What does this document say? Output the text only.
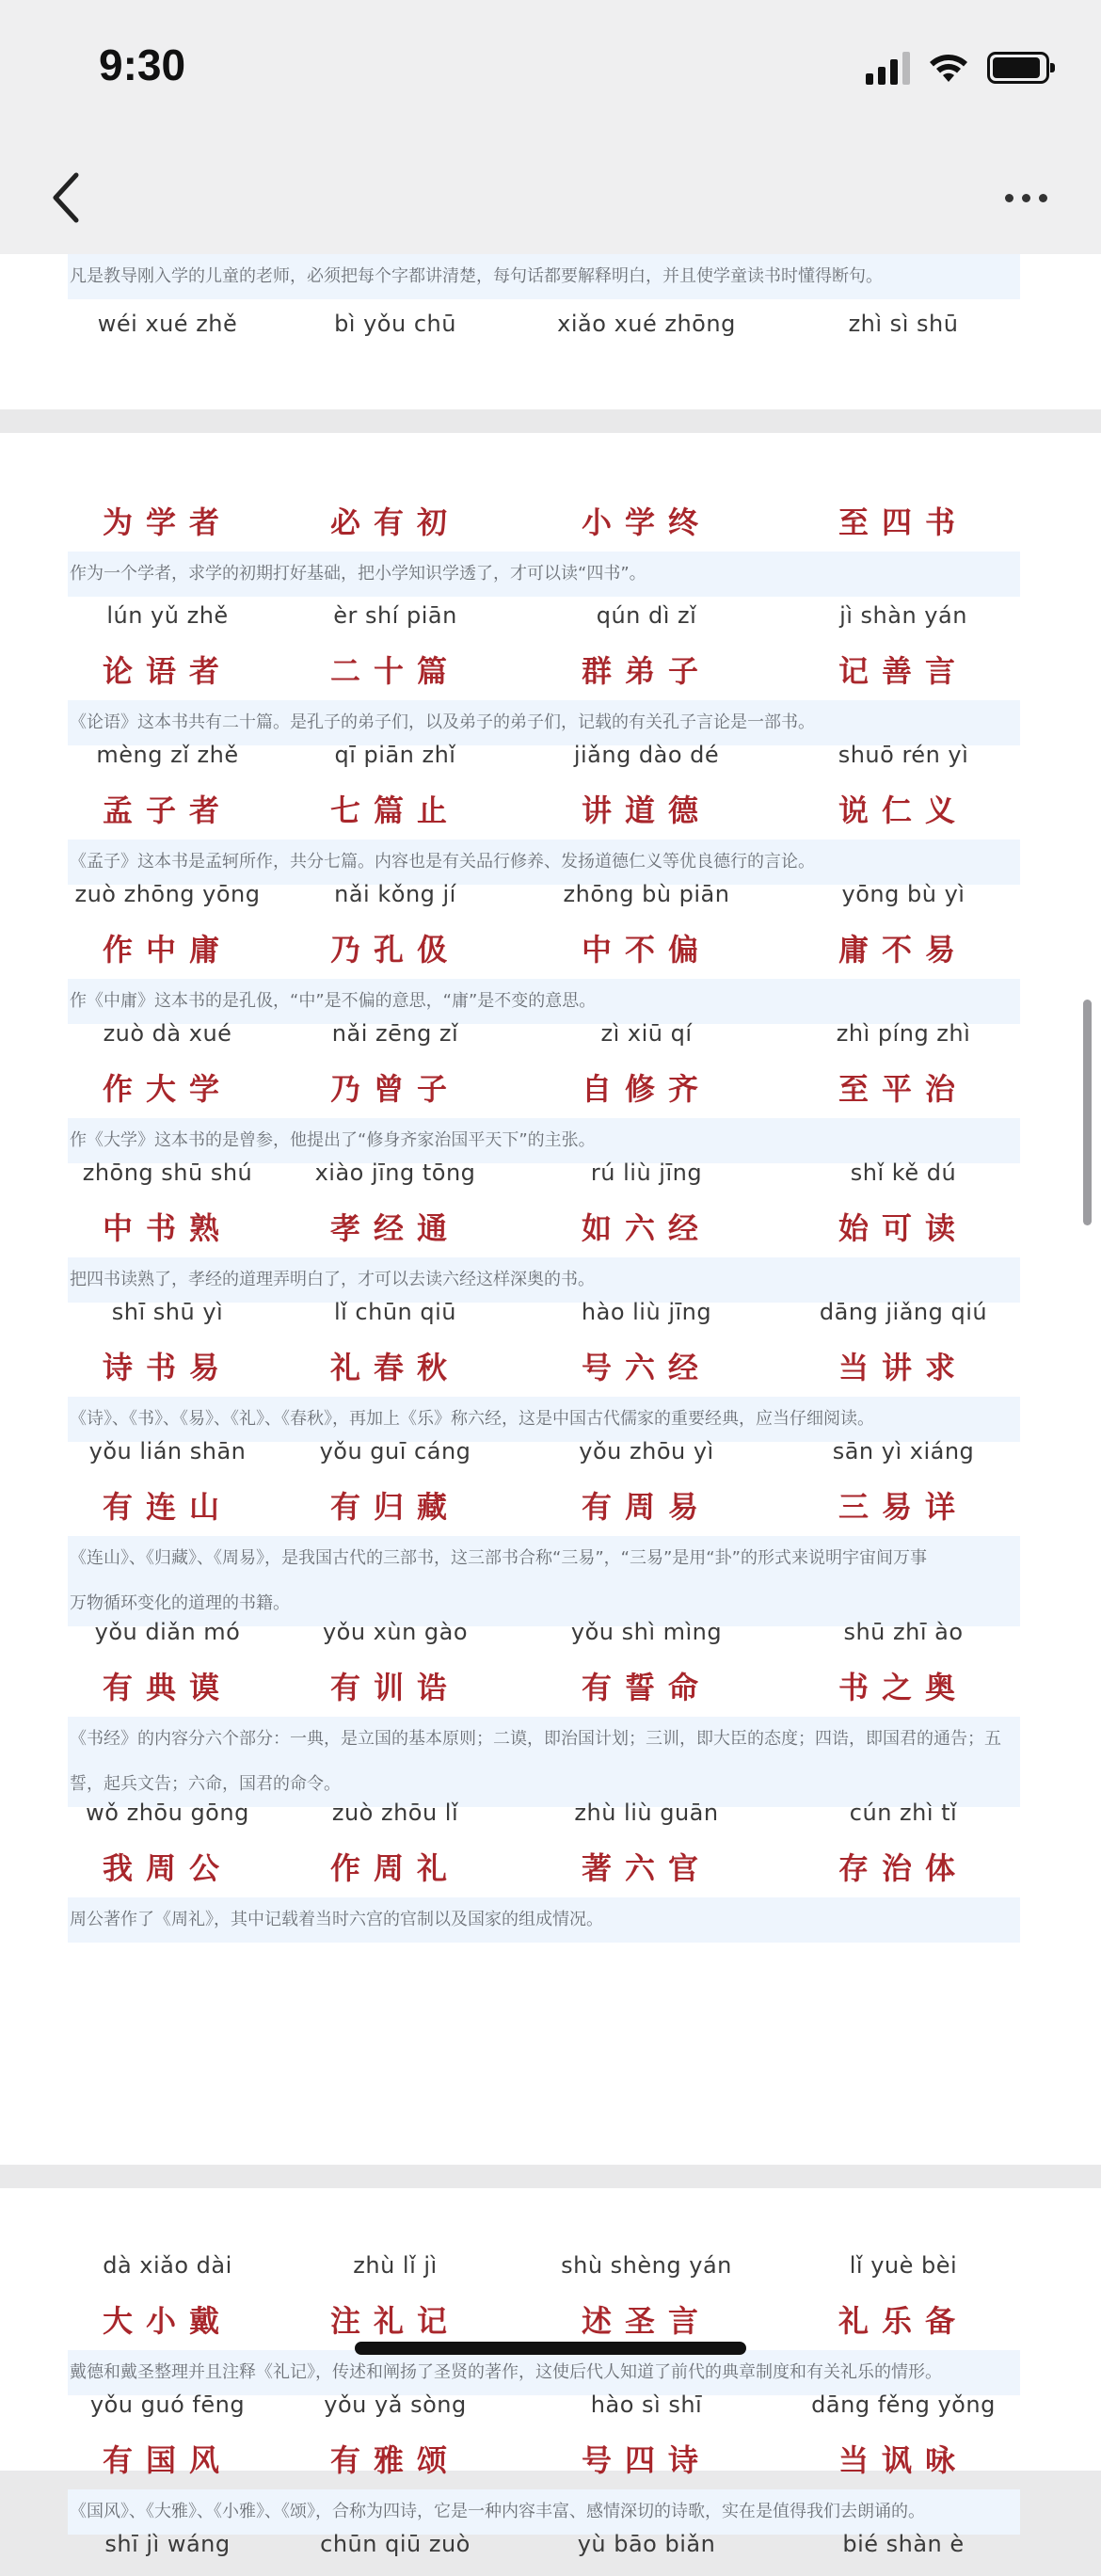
9:30
凡是教导刚入学的儿童的老师，必须把每个字都讲清楚，每句话都要解释明白，并且使学童读书时懂得断句。
wéi xué zhě	bì yǒu chū	xiǎo xué zhōng	zhì sì shū
为学者	必有初	小学终	至四书
作为一个学者，求学的初期打好基础，把小学知识学透了，才可以读“四书”。
lún yǔ zhě	èr shí piān	qún dì zǐ	jì shàn yán
论语者	二十篇	群弟子	记善言
《论语》这本书共有二十篇。是孔子的弟子们，以及弟子的弟子们，记载的有关孔子言论是一部书。
mèng zǐ zhě	qī piān zhǐ	jiǎng dào dé	shuō rén yì
孟子者	七篇止	讲道德	说仁义
《孟子》这本书是孟轲所作，共分七篇。内容也是有关品行修养、发扬道德仁义等优良德行的言论。
zuò zhōng yōng	nǎi kǒng jí	zhōng bù piān	yōng bù yì
作中庸	乃孔伋	中不偏	庸不易
作《中庸》这本书的是孔伋，“中”是不偏的意思，“庸”是不变的意思。
zuò dà xué	nǎi zēng zǐ	zì xiū qí	zhì píng zhì
作大学	乃曾子	自修齐	至平治
作《大学》这本书的是曾参，他提出了“修身齐家治国平天下”的主张。
zhōng shū shú	xiào jīng tōng	rú liù jīng	shǐ kě dú
中书熟	孝经通	如六经	始可读
把四书读熟了，孝经的道理弄明白了，才可以去读六经这样深奥的书。
shī shū yì	lǐ chūn qiū	hào liù jīng	dāng jiǎng qiú
诗书易	礼春秋	号六经	当讲求
《诗》、《书》、《易》、《礼》、《春秋》，再加上《乐》称六经，这是中国古代儒家的重要经典，应当仔细阅读。
yǒu lián shān	yǒu guī cáng	yǒu zhōu yì	sān yì xiáng
有连山	有归藏	有周易	三易详
《连山》、《归藏》、《周易》，是我国古代的三部书，这三部书合称“三易”，“三易”是用“卦”的形式来说明宇宙间万事
万物循环变化的道理的书籍。
yǒu diǎn mó	yǒu xùn gào	yǒu shì mìng	shū zhī ào
有典谟	有训诰	有誓命	书之奥
《书经》的内容分六个部分：一典，是立国的基本原则；二谟，即治国计划；三训，即大臣的态度；四诰，即国君的通告；五
誓，起兵文告；六命，国君的命令。
wǒ zhōu gōng	zuò zhōu lǐ	zhù liù guān	cún zhì tǐ
我周公	作周礼	著六官	存治体
周公著作了《周礼》，其中记载着当时六宫的官制以及国家的组成情况。
dà xiǎo dài	zhù lǐ jì	shù shèng yán	lǐ yuè bèi
大小戴	注礼记	述圣言	礼乐备
戴德和戴圣整理并且注释《礼记》，传述和阐扬了圣贤的著作，这使后代人知道了前代的典章制度和有关礼乐的情形。
yǒu guó fēng	yǒu yǎ sòng	hào sì shī	dāng fěng yǒng
有国风	有雅颂	号四诗	当讽咏
《国风》、《大雅》、《小雅》、《颂》，合称为四诗，它是一种内容丰富、感情深切的诗歌，实在是值得我们去朗诵的。
shī jì wáng	chūn qiū zuò	yù bāo biǎn	bié shàn è
